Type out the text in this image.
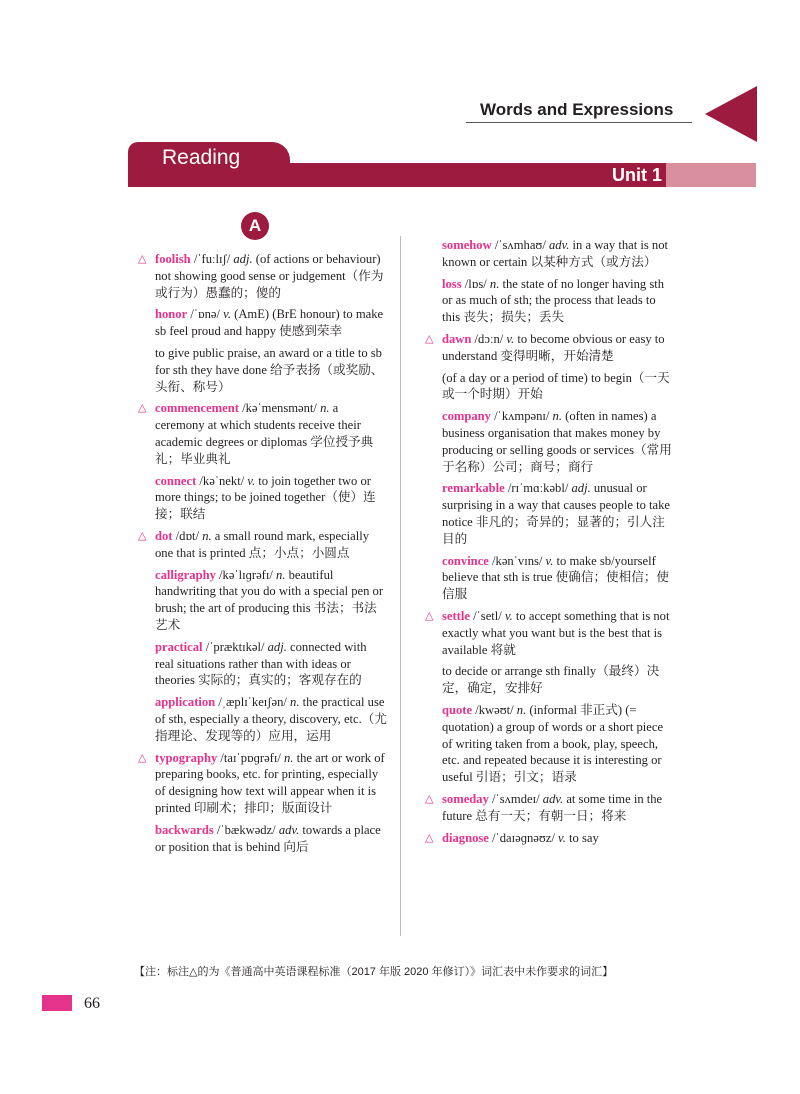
Words and Expressions
Reading
Unit 1
A
△ foolish /ˈfuːlɪʃ/ adj. (of actions or behaviour) not showing good sense or judgement（作为或行为）愚蠢的；傻的
honor /ˈɒnə/ v. (AmE) (BrE honour) to make sb feel proud and happy 使感到荣幸
to give public praise, an award or a title to sb for sth they have done 给予表扬（或奖励、头衔、称号）
△ commencement /kəˈmensmənt/ n. a ceremony at which students receive their academic degrees or diplomas 学位授予典礼；毕业典礼
connect /kəˈnekt/ v. to join together two or more things; to be joined together（使）连接；联结
△ dot /dɒt/ n. a small round mark, especially one that is printed 点；小点；小圆点
calligraphy /kəˈlɪɡrəfɪ/ n. beautiful handwriting that you do with a special pen or brush; the art of producing this 书法；书法艺术
practical /ˈpræktɪkəl/ adj. connected with real situations rather than with ideas or theories 实际的；真实的；客观存在的
application /ˌæplɪˈkeɪʃən/ n. the practical use of sth, especially a theory, discovery, etc.（尤指理论、发现等的）应用，运用
△ typography /taɪˈpɒɡrəfɪ/ n. the art or work of preparing books, etc. for printing, especially of designing how text will appear when it is printed 印刷术；排印；版面设计
backwards /ˈbækwədz/ adv. towards a place or position that is behind 向后
somehow /ˈsʌmhaʊ/ adv. in a way that is not known or certain 以某种方式（或方法）
loss /lɒs/ n. the state of no longer having sth or as much of sth; the process that leads to this 丧失；损失；丢失
△ dawn /dɔːn/ v. to become obvious or easy to understand 变得明晰，开始清楚
(of a day or a period of time) to begin（一天或一个时期）开始
company /ˈkʌmpənɪ/ n. (often in names) a business organisation that makes money by producing or selling goods or services（常用于名称）公司；商号；商行
remarkable /rɪˈmɑːkəbl/ adj. unusual or surprising in a way that causes people to take notice 非凡的；奇异的；显著的；引人注目的
convince /kənˈvɪns/ v. to make sb/yourself believe that sth is true 使确信；使相信；使信服
△ settle /ˈsetl/ v. to accept something that is not exactly what you want but is the best that is available 将就
to decide or arrange sth finally（最终）决定，确定，安排好
quote /kwəʊt/ n. (informal 非正式) (= quotation) a group of words or a short piece of writing taken from a book, play, speech, etc. and repeated because it is interesting or useful 引语；引文；语录
△ someday /ˈsʌmdeɪ/ adv. at some time in the future 总有一天；有朝一日；将来
△ diagnose /ˈdaɪəɡnəʊz/ v. to say
【注：标注△的为《普通高中英语课程标准（2017 年版 2020 年修订）》词汇表中未作要求的词汇】
66
